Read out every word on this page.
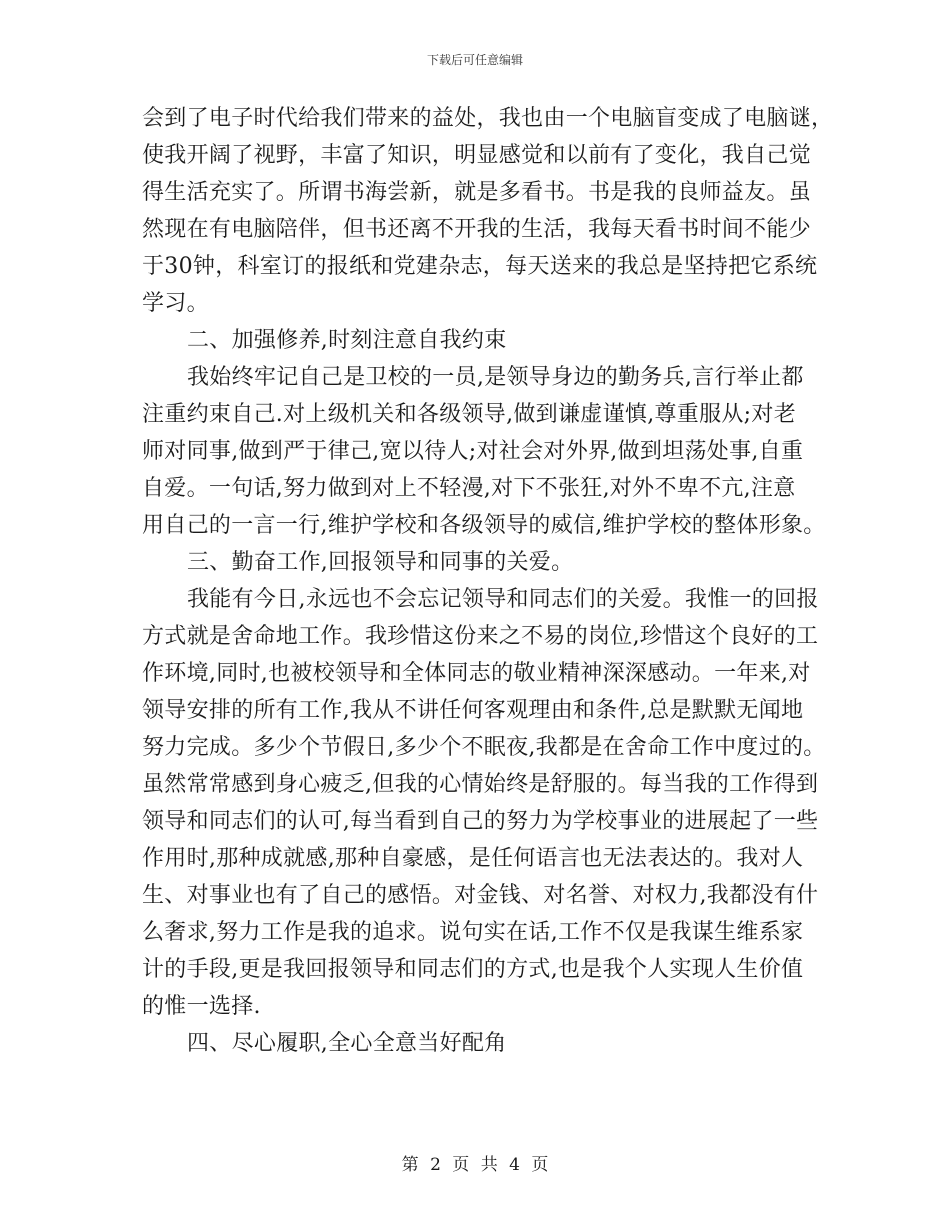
下载后可任意编辑
会到了电子时代给我们带来的益处，我也由一个电脑盲变成了电脑谜，
使我开阔了视野，丰富了知识，明显感觉和以前有了变化，我自己觉
得生活充实了。所谓书海尝新，就是多看书。书是我的良师益友。虽
然现在有电脑陪伴，但书还离不开我的生活，我每天看书时间不能少
于30钟，科室订的报纸和党建杂志，每天送来的我总是坚持把它系统
学习。
二、加强修养,时刻注意自我约束
我始终牢记自己是卫校的一员,是领导身边的勤务兵,言行举止都
注重约束自己.对上级机关和各级领导,做到谦虚谨慎,尊重服从;对老
师对同事,做到严于律己,宽以待人;对社会对外界,做到坦荡处事,自重
自爱。一句话,努力做到对上不轻漫,对下不张狂,对外不卑不亢,注意
用自己的一言一行,维护学校和各级领导的威信,维护学校的整体形象。
三、勤奋工作,回报领导和同事的关爱。
我能有今日,永远也不会忘记领导和同志们的关爱。我惟一的回报
方式就是舍命地工作。我珍惜这份来之不易的岗位,珍惜这个良好的工
作环境,同时,也被校领导和全体同志的敬业精神深深感动。一年来,对
领导安排的所有工作,我从不讲任何客观理由和条件,总是默默无闻地
努力完成。多少个节假日,多少个不眠夜,我都是在舍命工作中度过的。
虽然常常感到身心疲乏,但我的心情始终是舒服的。每当我的工作得到
领导和同志们的认可,每当看到自己的努力为学校事业的进展起了一些
作用时,那种成就感,那种自豪感，是任何语言也无法表达的。我对人
生、对事业也有了自己的感悟。对金钱、对名誉、对权力,我都没有什
么奢求,努力工作是我的追求。说句实在话,工作不仅是我谋生维系家
计的手段,更是我回报领导和同志们的方式,也是我个人实现人生价值
的惟一选择.
四、尽心履职,全心全意当好配角
第 2 页 共 4 页
